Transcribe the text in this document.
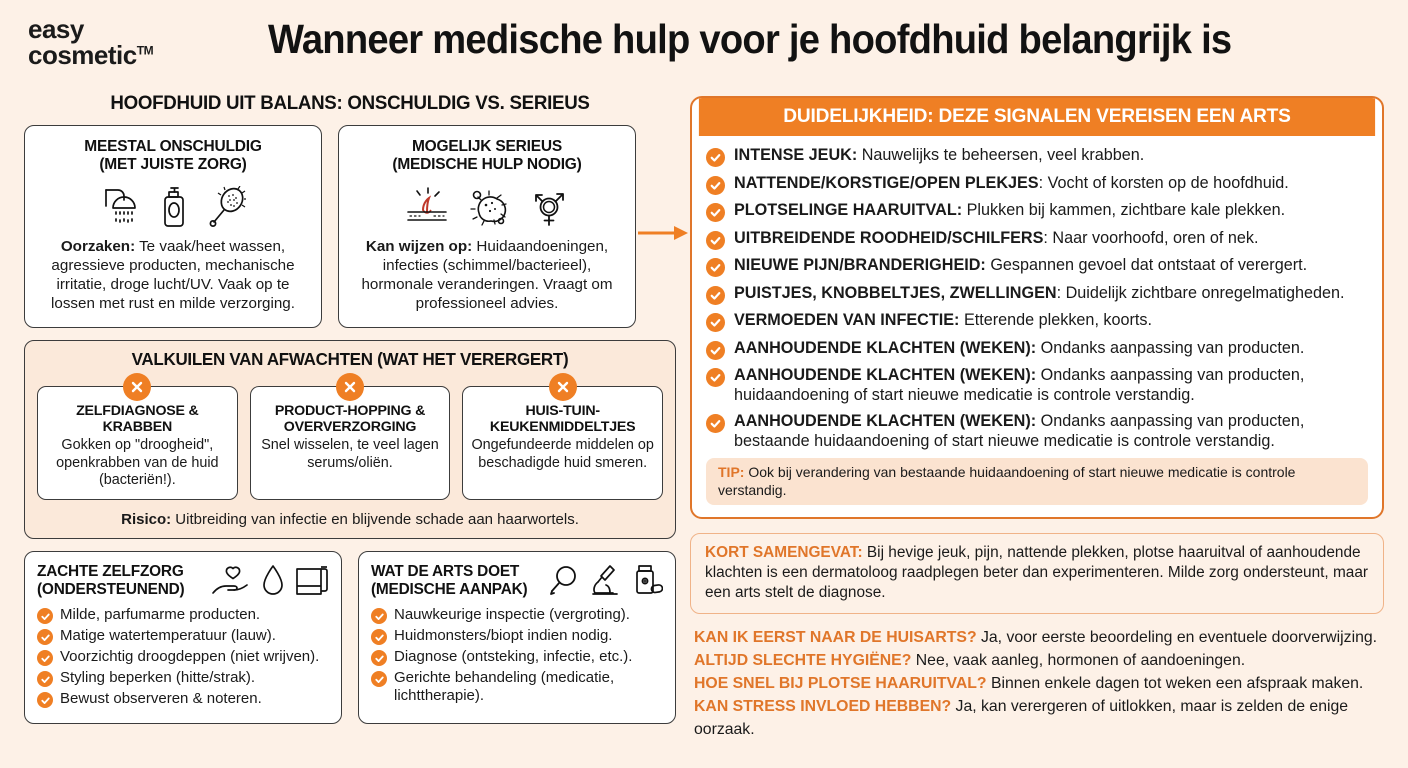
easy
cosmetic™	Wanneer medische hulp voor je hoofdhuid belangrijk is
HOOFDHUID UIT BALANS: ONSCHULDIG VS. SERIEUS
MEESTAL ONSCHULDIG
(MET JUISTE ZORG)
Oorzaken: Te vaak/heet wassen, agressieve producten, mechanische irritatie, droge lucht/UV. Vaak op te lossen met rust en milde verzorging.
MOGELIJK SERIEUS
(MEDISCHE HULP NODIG)
Kan wijzen op: Huidaandoeningen, infecties (schimmel/bacterieel), hormonale veranderingen. Vraagt om professioneel advies.
VALKUILEN VAN AFWACHTEN (WAT HET VERERGERT)
ZELFDIAGNOSE & KRABBEN
Gokken op "droogheid", openkrabben van de huid (bacteriën!).
PRODUCT-HOPPING & OVERVERZORGING
Snel wisselen, te veel lagen serums/oliën.
HUIS-TUIN-KEUKENMIDDELTJES
Ongefundeerde middelen op beschadigde huid smeren.
Risico: Uitbreiding van infectie en blijvende schade aan haarwortels.
ZACHTE ZELFZORG
(ONDERSTEUNEND)
Milde, parfumarme producten.
Matige watertemperatuur (lauw).
Voorzichtig droogdeppen (niet wrijven).
Styling beperken (hitte/strak).
Bewust observeren & noteren.
WAT DE ARTS DOET
(MEDISCHE AANPAK)
Nauwkeurige inspectie (vergroting).
Huidmonsters/biopt indien nodig.
Diagnose (ontsteking, infectie, etc.).
Gerichte behandeling (medicatie, lichttherapie).
DUIDELIJKHEID: DEZE SIGNALEN VEREISEN EEN ARTS
INTENSE JEUK: Nauwelijks te beheersen, veel krabben.
NATTENDE/KORSTIGE/OPEN PLEKJES: Vocht of korsten op de hoofdhuid.
PLOTSELINGE HAARUITVAL: Plukken bij kammen, zichtbare kale plekken.
UITBREIDENDE ROODHEID/SCHILFERS: Naar voorhoofd, oren of nek.
NIEUWE PIJN/BRANDERIGHEID: Gespannen gevoel dat ontstaat of verergert.
PUISTJES, KNOBBELTJES, ZWELLINGEN: Duidelijk zichtbare onregelmatigheden.
VERMOEDEN VAN INFECTIE: Etterende plekken, koorts.
AANHOUDENDE KLACHTEN (WEKEN): Ondanks aanpassing van producten.
AANHOUDENDE KLACHTEN (WEKEN): Ondanks aanpassing van producten, huidaandoening of start nieuwe medicatie is controle verstandig.
AANHOUDENDE KLACHTEN (WEKEN): Ondanks aanpassing van producten, bestaande huidaandoening of start nieuwe medicatie is controle verstandig.
TIP: Ook bij verandering van bestaande huidaandoening of start nieuwe medicatie is controle verstandig.
KORT SAMENGEVAT: Bij hevige jeuk, pijn, nattende plekken, plotse haaruitval of aanhoudende klachten is een dermatoloog raadplegen beter dan experimenteren. Milde zorg ondersteunt, maar een arts stelt de diagnose.
KAN IK EERST NAAR DE HUISARTS? Ja, voor eerste beoordeling en eventuele doorverwijzing.
ALTIJD SLECHTE HYGIËNE? Nee, vaak aanleg, hormonen of aandoeningen.
HOE SNEL BIJ PLOTSE HAARUITVAL? Binnen enkele dagen tot weken een afspraak maken.
KAN STRESS INVLOED HEBBEN? Ja, kan verergeren of uitlokken, maar is zelden de enige oorzaak.
